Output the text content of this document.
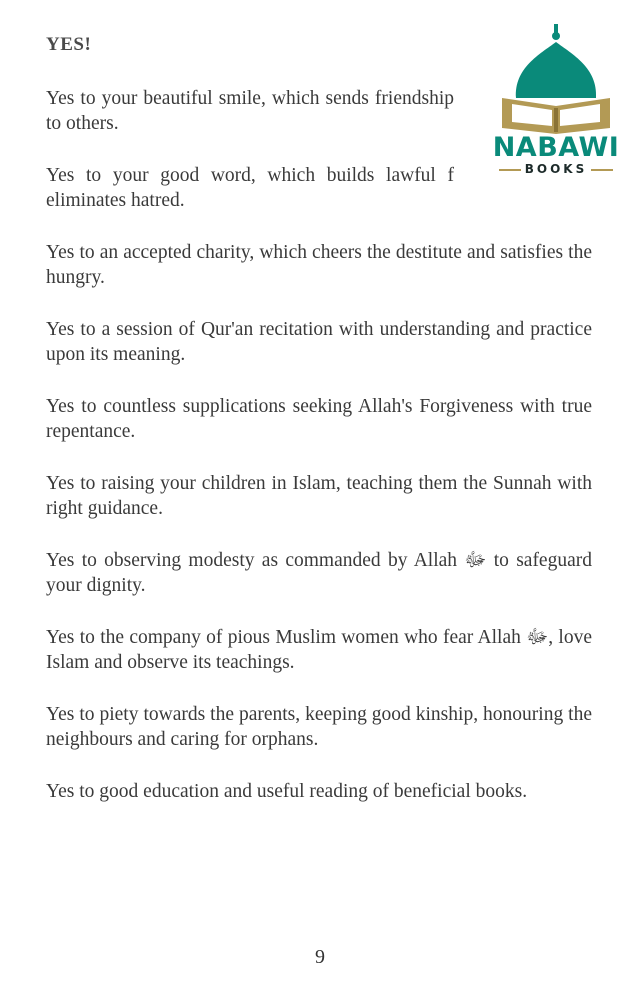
YES!
Yes to your beautiful smile, which sends friendship to others.
Yes to your good word, which builds lawful f eliminates hatred.
Yes to an accepted charity, which cheers the destitute and satisfies the hungry.
Yes to a session of Qur'an recitation with understanding and practice upon its meaning.
Yes to countless supplications seeking Allah's Forgiveness with true repentance.
Yes to raising your children in Islam, teaching them the Sunnah with right guidance.
Yes to observing modesty as commanded by Allah ﷻ to safeguard your dignity.
Yes to the company of pious Muslim women who fear Allah ﷻ, love Islam and observe its teachings.
Yes to piety towards the parents, keeping good kinship, honouring the neighbours and caring for orphans.
Yes to good education and useful reading of beneficial books.
9
NABAWI
BOOKS
